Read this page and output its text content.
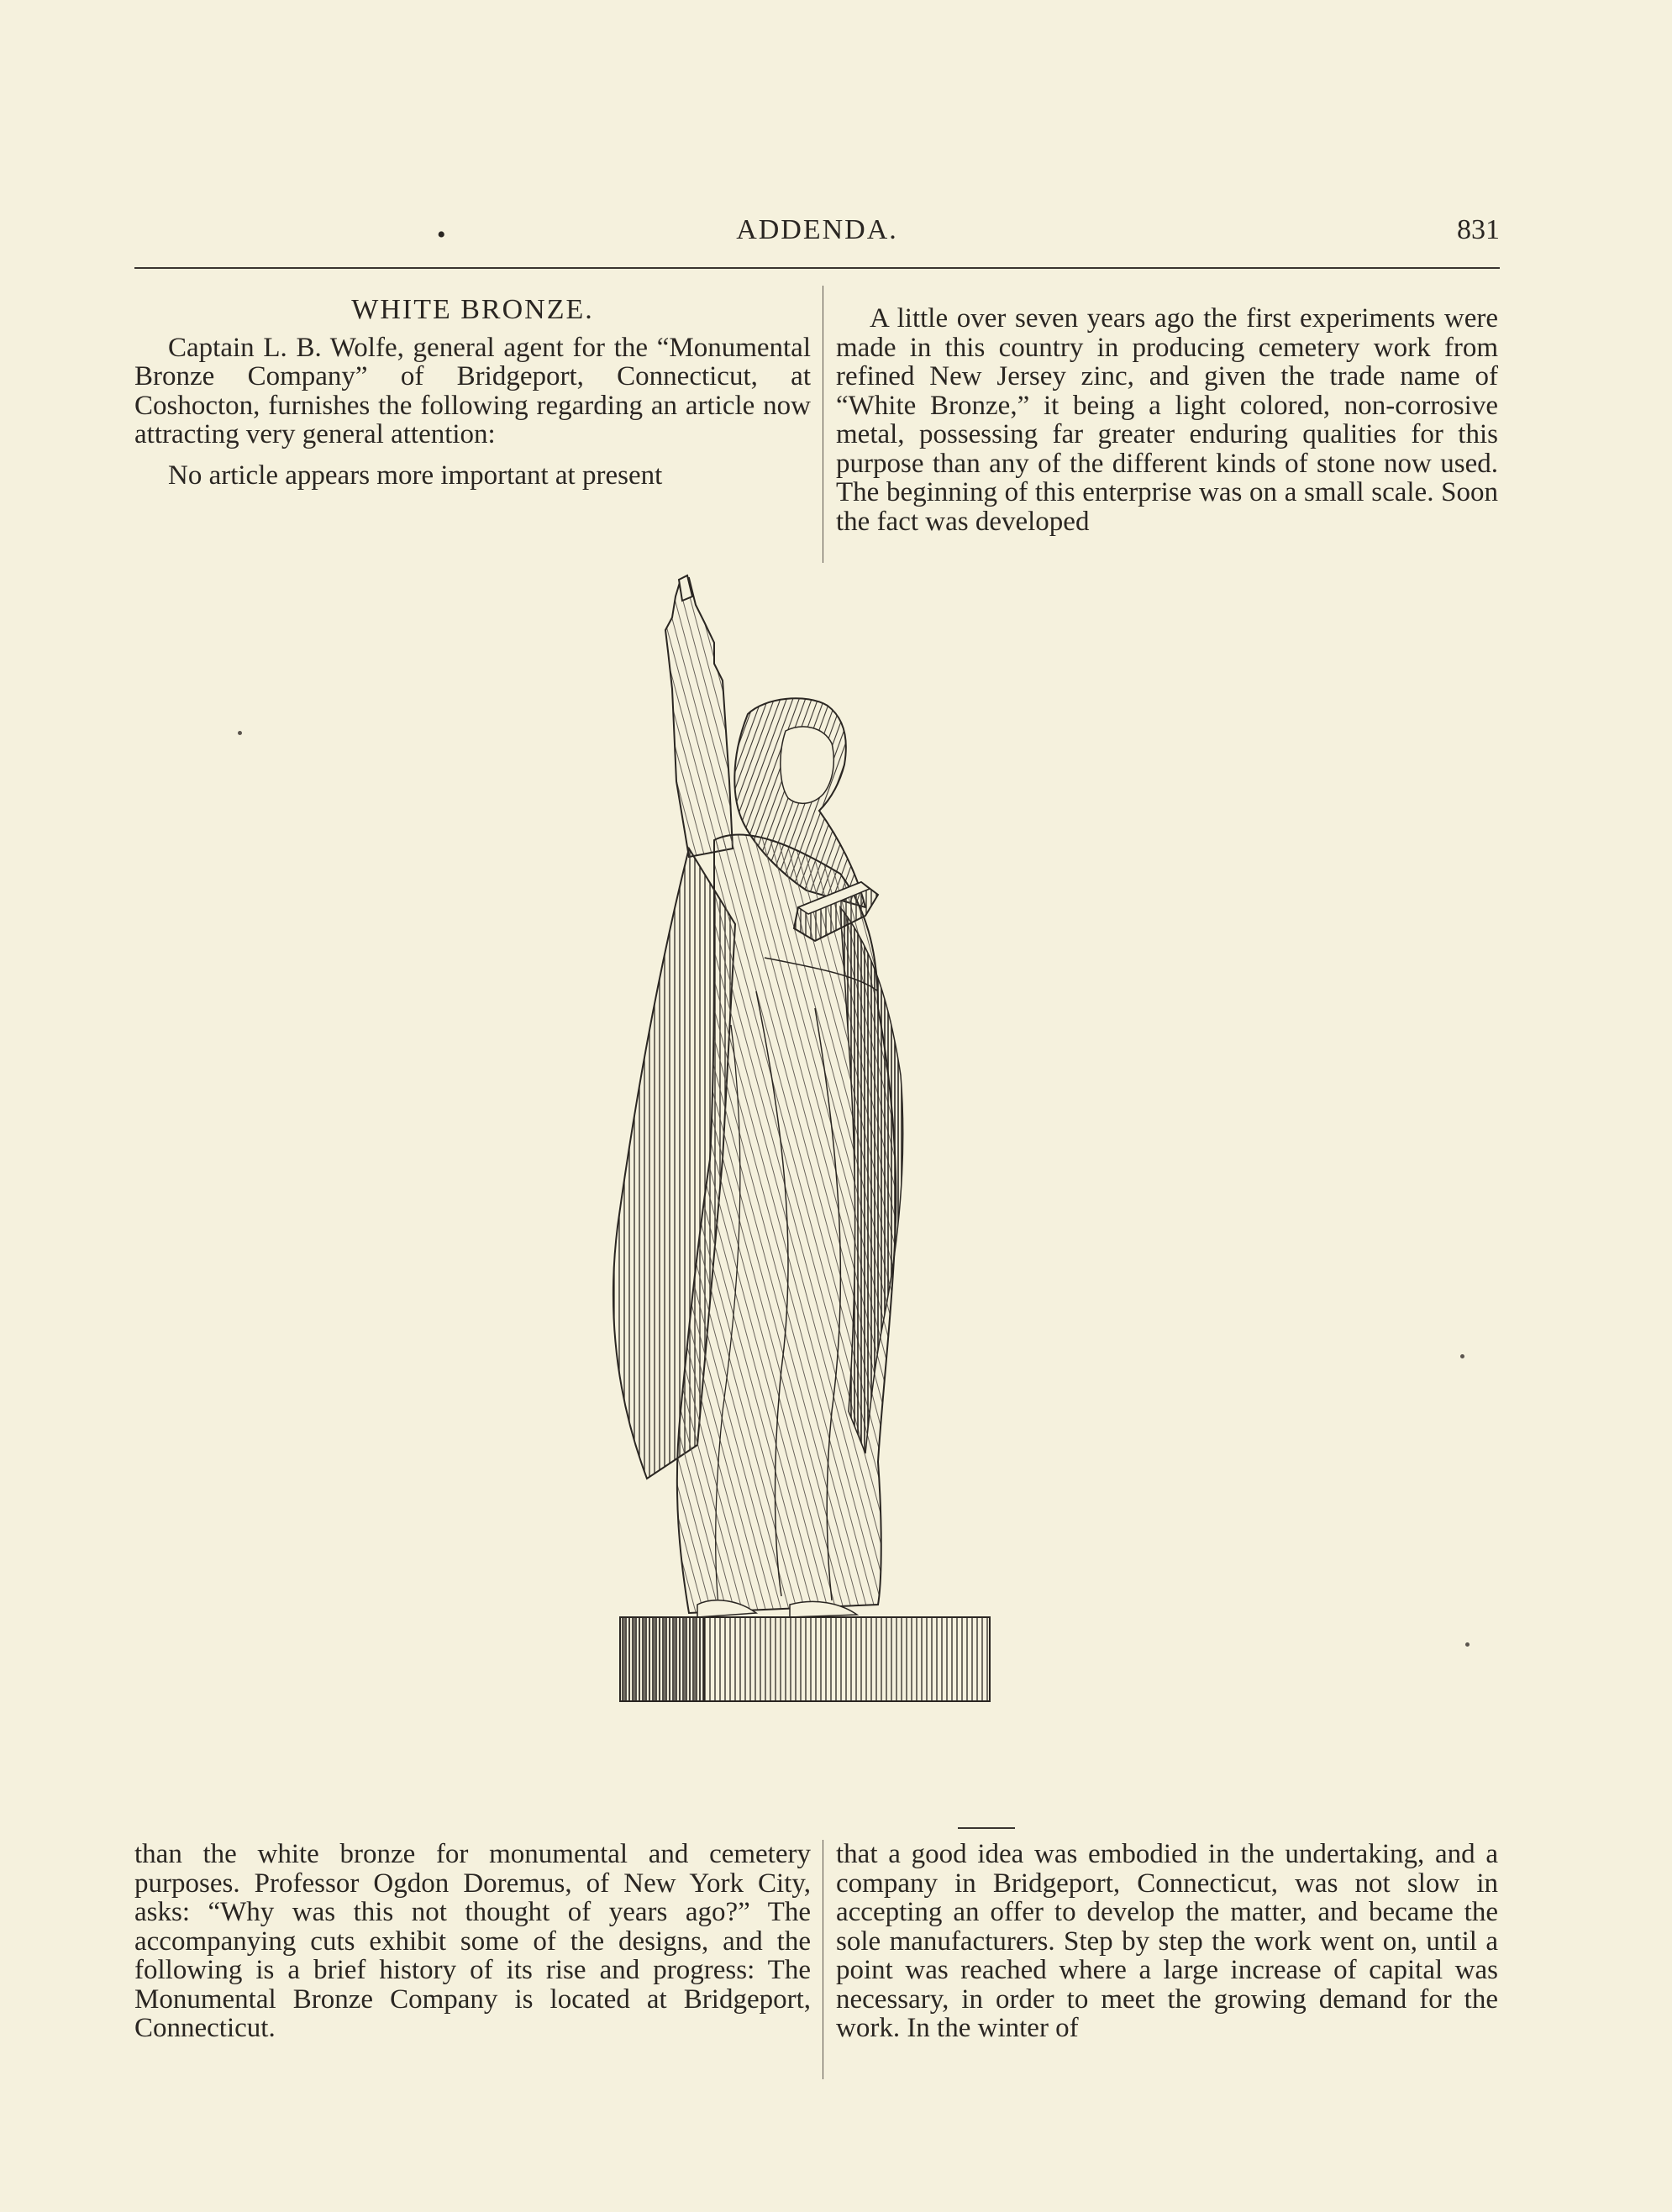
•	ADDENDA.	831

WHITE BRONZE.

Captain L. B. Wolfe, general agent for the “Monumental Bronze Company” of Bridgeport, Connecticut, at Coshocton, furnishes the following regarding an article now attracting very general attention:

No article appears more important at present

A little over seven years ago the first experiments were made in this country in producing cemetery work from refined New Jersey zinc, and given the trade name of “White Bronze,” it being a light colored, non-corrosive metal, possessing far greater enduring qualities for this purpose than any of the different kinds of stone now used. The beginning of this enterprise was on a small scale. Soon the fact was developed

than the white bronze for monumental and cemetery purposes. Professor Ogdon Doremus, of New York City, asks: “Why was this not thought of years ago?” The accompanying cuts exhibit some of the designs, and the following is a brief history of its rise and progress: The Monumental Bronze Company is located at Bridgeport, Connecticut.

that a good idea was embodied in the undertaking, and a company in Bridgeport, Connecticut, was not slow in accepting an offer to develop the matter, and became the sole manufacturers. Step by step the work went on, until a point was reached where a large increase of capital was necessary, in order to meet the growing demand for the work. In the winter of
